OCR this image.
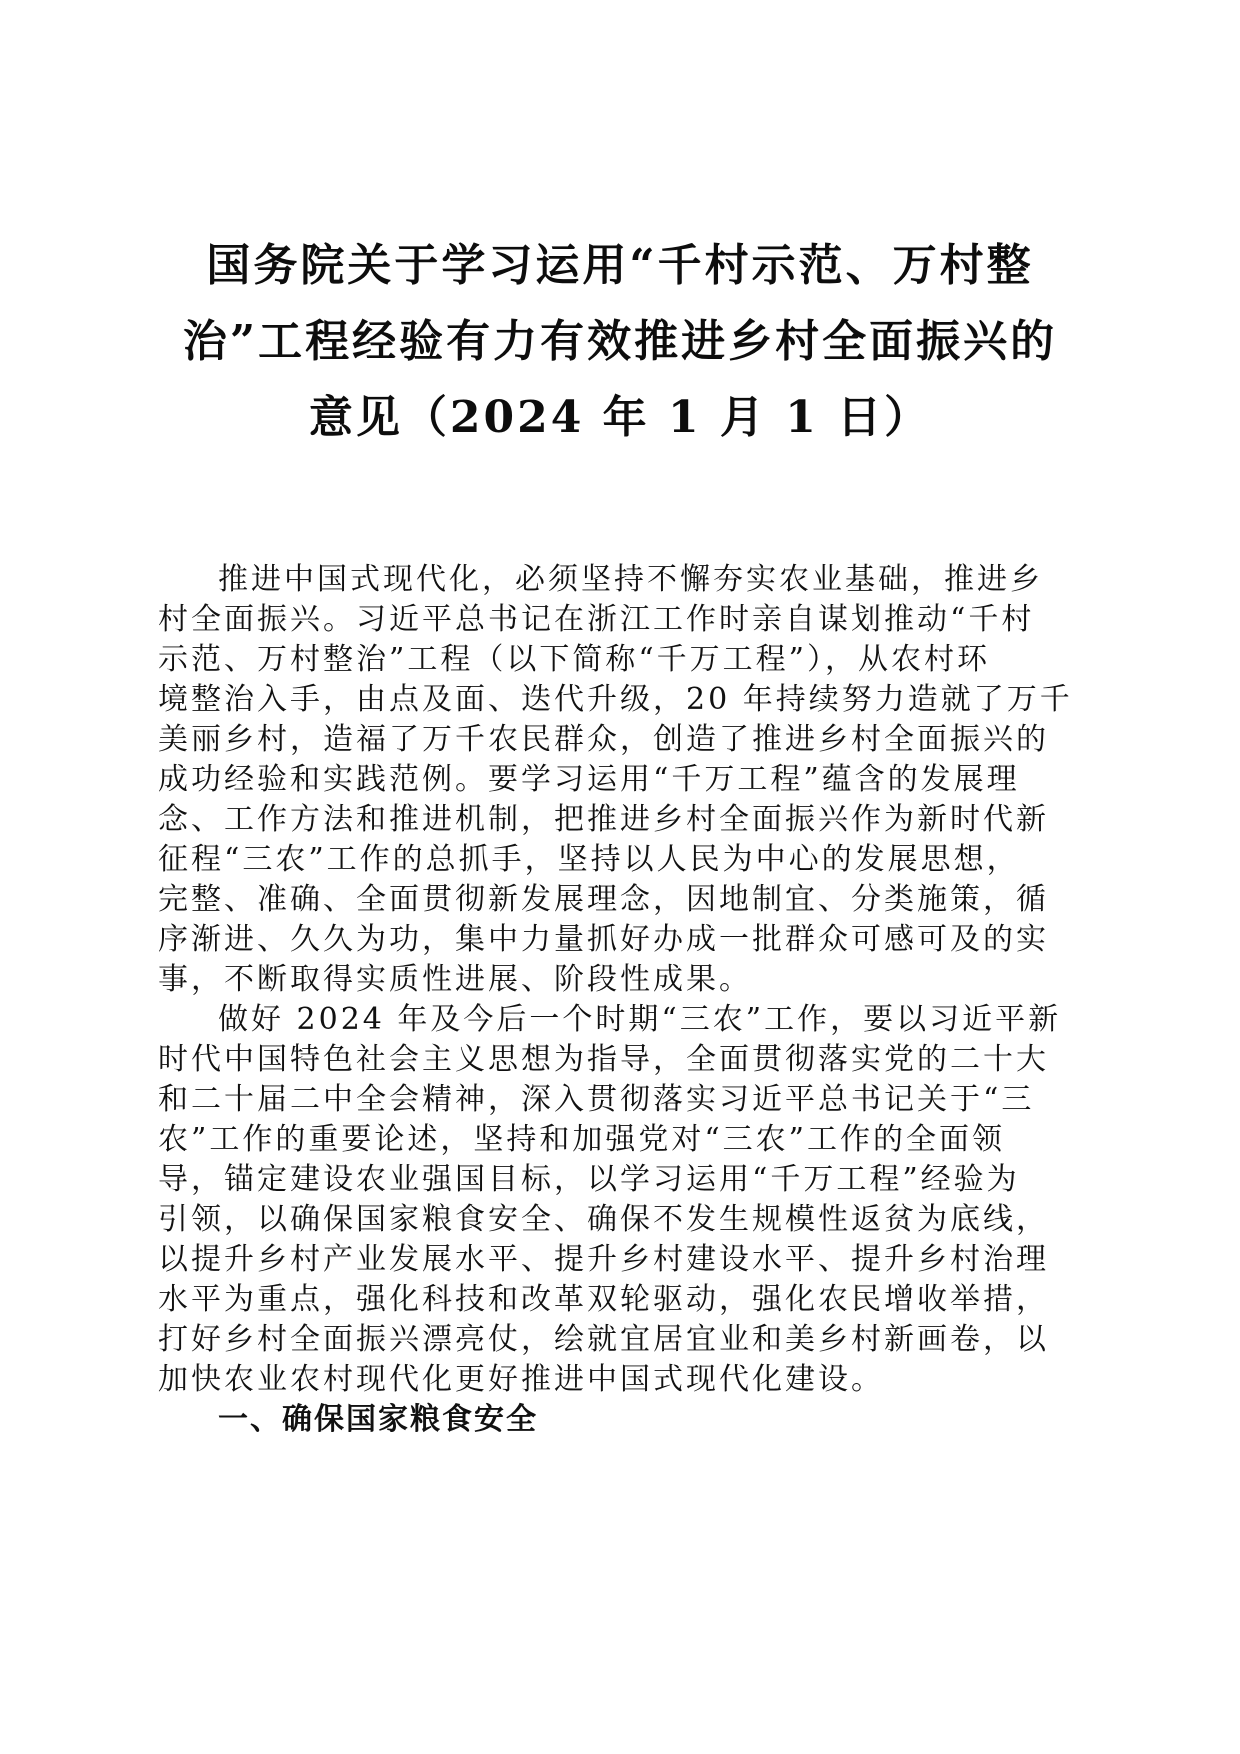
国务院关于学习运用“千村示范、万村整
治”工程经验有力有效推进乡村全面振兴的
意见（2024 年 1 月 1 日）

推进中国式现代化，必须坚持不懈夯实农业基础，推进乡
村全面振兴。习近平总书记在浙江工作时亲自谋划推动“千村
示范、万村整治”工程（以下简称“千万工程”），从农村环
境整治入手，由点及面、迭代升级，20 年持续努力造就了万千
美丽乡村，造福了万千农民群众，创造了推进乡村全面振兴的
成功经验和实践范例。要学习运用“千万工程”蕴含的发展理
念、工作方法和推进机制，把推进乡村全面振兴作为新时代新
征程“三农”工作的总抓手，坚持以人民为中心的发展思想，
完整、准确、全面贯彻新发展理念，因地制宜、分类施策，循
序渐进、久久为功，集中力量抓好办成一批群众可感可及的实
事，不断取得实质性进展、阶段性成果。

做好 2024 年及今后一个时期“三农”工作，要以习近平新
时代中国特色社会主义思想为指导，全面贯彻落实党的二十大
和二十届二中全会精神，深入贯彻落实习近平总书记关于“三
农”工作的重要论述，坚持和加强党对“三农”工作的全面领
导，锚定建设农业强国目标，以学习运用“千万工程”经验为
引领，以确保国家粮食安全、确保不发生规模性返贫为底线，
以提升乡村产业发展水平、提升乡村建设水平、提升乡村治理
水平为重点，强化科技和改革双轮驱动，强化农民增收举措，
打好乡村全面振兴漂亮仗，绘就宜居宜业和美乡村新画卷，以
加快农业农村现代化更好推进中国式现代化建设。

一、确保国家粮食安全
